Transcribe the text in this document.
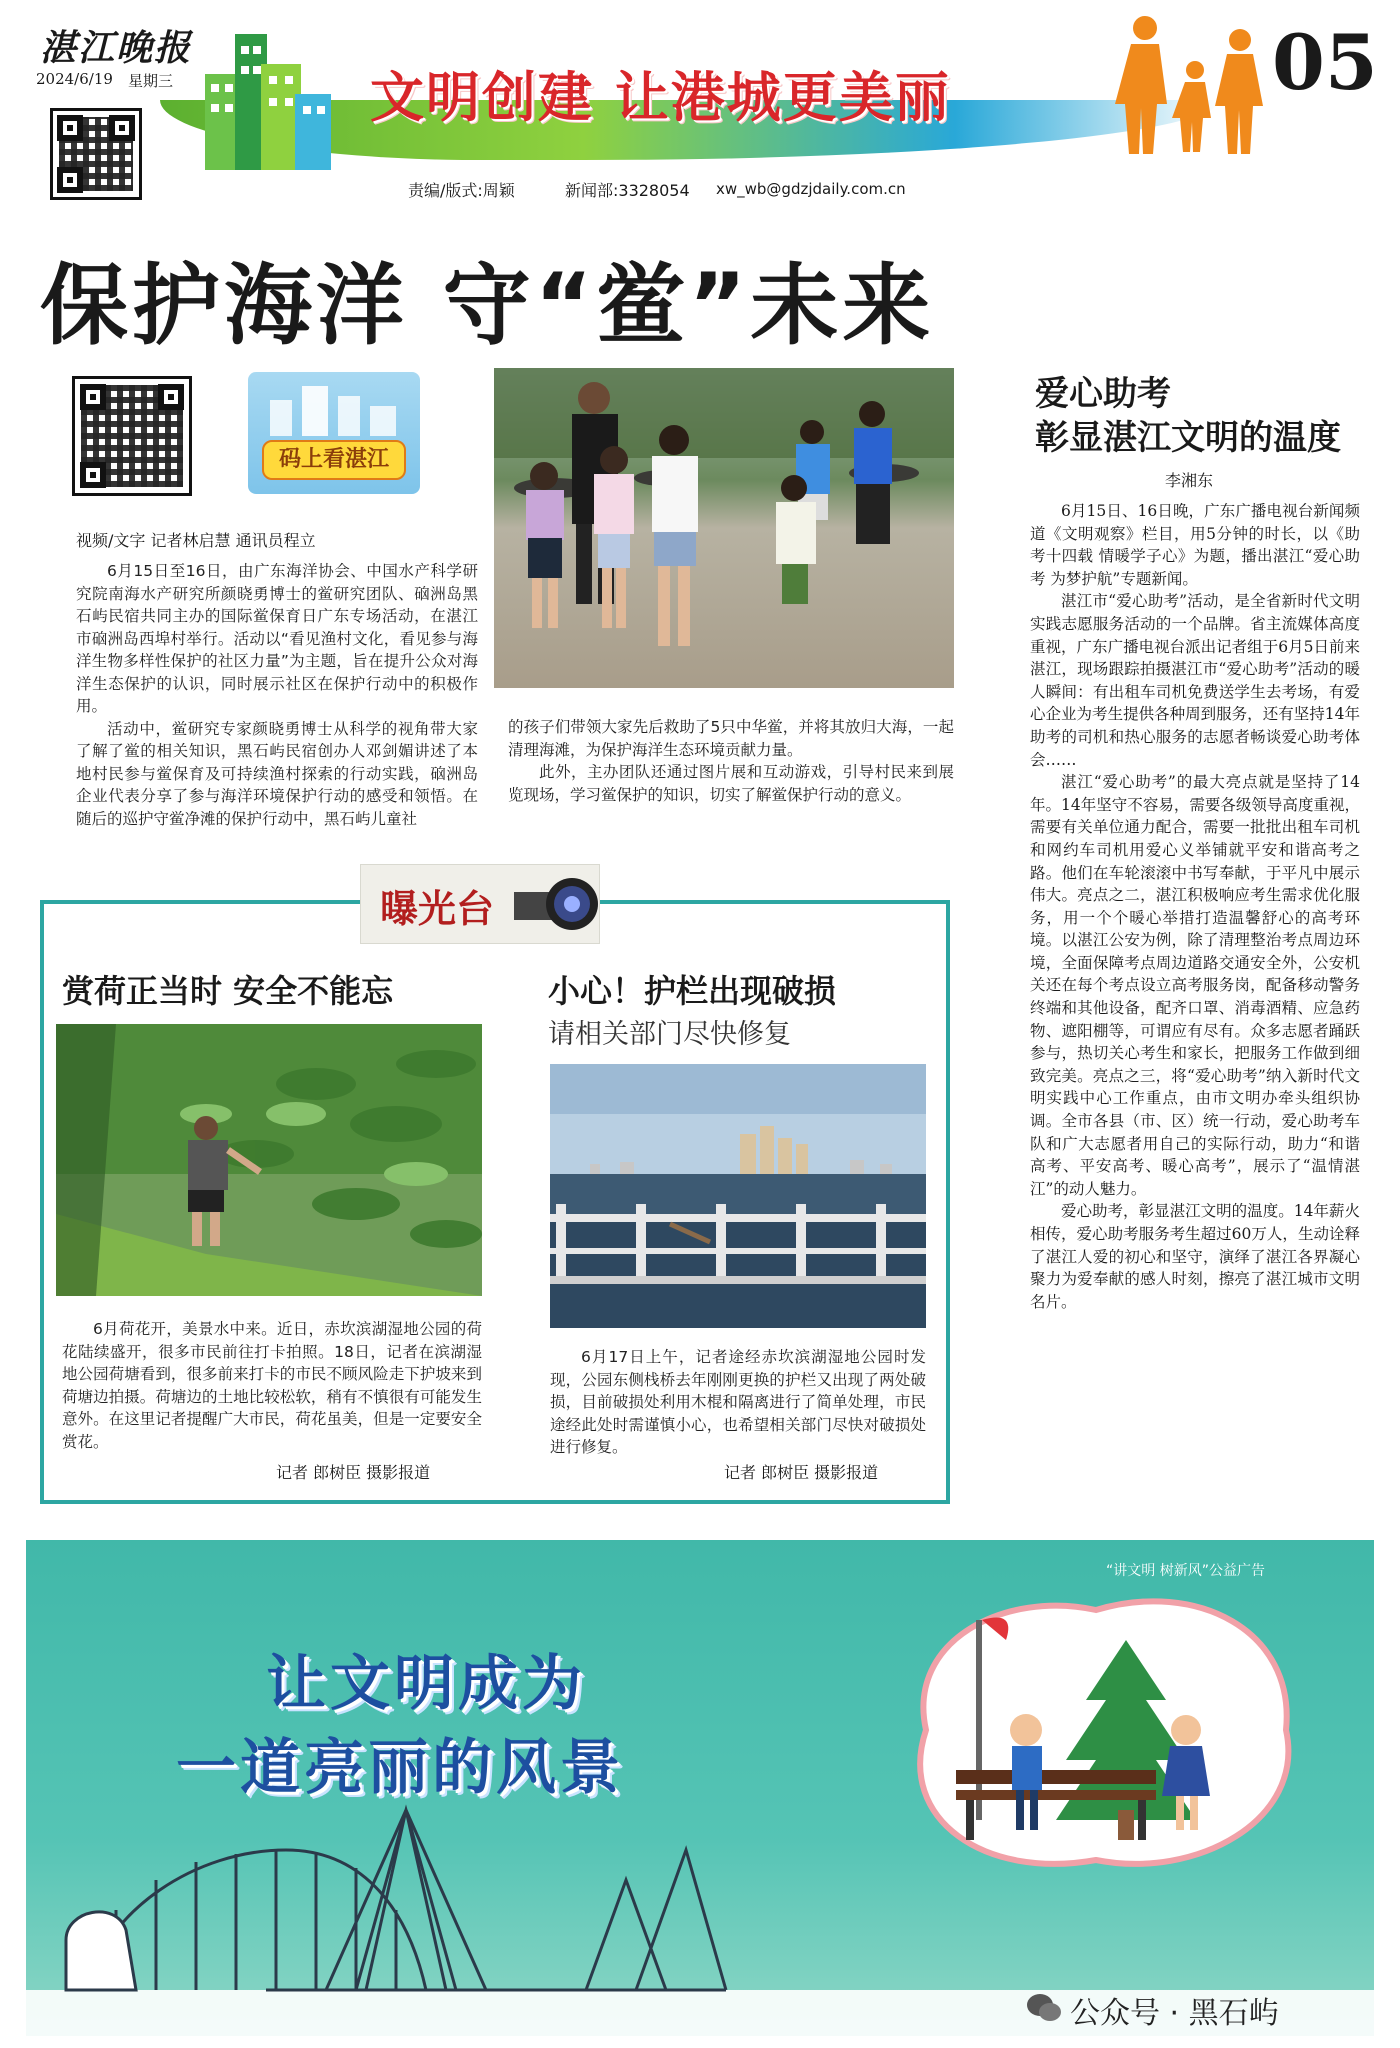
湛江晚报
2024/6/19 星期三	文明创建 让港城更美丽	05
责编/版式:周颖	新闻部:3328054 xw_wb@gdzjdaily.com.cn
保护海洋 守“鲎”未来
码上看湛江
视频/文字 记者林启慧 通讯员程立

6月15日至16日，由广东海洋协会、中国水产科学研究院南海水产研究所颜晓勇博士的鲎研究团队、硇洲岛黑石屿民宿共同主办的国际鲎保育日广东专场活动，在湛江市硇洲岛西埠村举行。活动以“看见渔村文化，看见参与海洋生物多样性保护的社区力量”为主题，旨在提升公众对海洋生态保护的认识，同时展示社区在保护行动中的积极作用。

活动中，鲎研究专家颜晓勇博士从科学的视角带大家了解了鲎的相关知识，黑石屿民宿创办人邓剑媚讲述了本地村民参与鲎保育及可持续渔村探索的行动实践，硇洲岛企业代表分享了参与海洋环境保护行动的感受和领悟。在随后的巡护守鲎净滩的保护行动中，黑石屿儿童社

的孩子们带领大家先后救助了5只中华鲎，并将其放归大海，一起清理海滩，为保护海洋生态环境贡献力量。

此外，主办团队还通过图片展和互动游戏，引导村民来到展览现场，学习鲎保护的知识，切实了解鲎保护行动的意义。

爱心助考
彰显湛江文明的温度
李湘东

6月15日、16日晚，广东广播电视台新闻频道《文明观察》栏目，用5分钟的时长，以《助考十四载 情暖学子心》为题，播出湛江“爱心助考 为梦护航”专题新闻。

湛江市“爱心助考”活动，是全省新时代文明实践志愿服务活动的一个品牌。省主流媒体高度重视，广东广播电视台派出记者组于6月5日前来湛江，现场跟踪拍摄湛江市“爱心助考”活动的暖人瞬间：有出租车司机免费送学生去考场，有爱心企业为考生提供各种周到服务，还有坚持14年助考的司机和热心服务的志愿者畅谈爱心助考体会……

湛江“爱心助考”的最大亮点就是坚持了14年。14年坚守不容易，需要各级领导高度重视，需要有关单位通力配合，需要一批批出租车司机和网约车司机用爱心义举铺就平安和谐高考之路。他们在车轮滚滚中书写奉献，于平凡中展示伟大。亮点之二，湛江积极响应考生需求优化服务，用一个个暖心举措打造温馨舒心的高考环境。以湛江公安为例，除了清理整治考点周边环境，全面保障考点周边道路交通安全外，公安机关还在每个考点设立高考服务岗，配备移动警务终端和其他设备，配齐口罩、消毒酒精、应急药物、遮阳棚等，可谓应有尽有。众多志愿者踊跃参与，热切关心考生和家长，把服务工作做到细致完美。亮点之三，将“爱心助考”纳入新时代文明实践中心工作重点，由市文明办牵头组织协调。全市各县（市、区）统一行动，爱心助考车队和广大志愿者用自己的实际行动，助力“和谐高考、平安高考、暖心高考”，展示了“温情湛江”的动人魅力。

爱心助考，彰显湛江文明的温度。14年薪火相传，爱心助考服务考生超过60万人，生动诠释了湛江人爱的初心和坚守，演绎了湛江各界凝心聚力为爱奉献的感人时刻，擦亮了湛江城市文明名片。

曝光台
赏荷正当时 安全不能忘
6月荷花开，美景水中来。近日，赤坎滨湖湿地公园的荷花陆续盛开，很多市民前往打卡拍照。18日，记者在滨湖湿地公园荷塘看到，很多前来打卡的市民不顾风险走下护坡来到荷塘边拍摄。荷塘边的土地比较松软，稍有不慎很有可能发生意外。在这里记者提醒广大市民，荷花虽美，但是一定要安全赏花。
记者 郎树臣 摄影报道
小心！护栏出现破损
请相关部门尽快修复
6月17日上午，记者途经赤坎滨湖湿地公园时发现，公园东侧栈桥去年刚刚更换的护栏又出现了两处破损，目前破损处利用木棍和隔离进行了简单处理，市民途经此处时需谨慎小心，也希望相关部门尽快对破损处进行修复。
记者 郎树臣 摄影报道
“讲文明 树新风”公益广告
让文明成为
一道亮丽的风景
公众号 · 黑石屿
